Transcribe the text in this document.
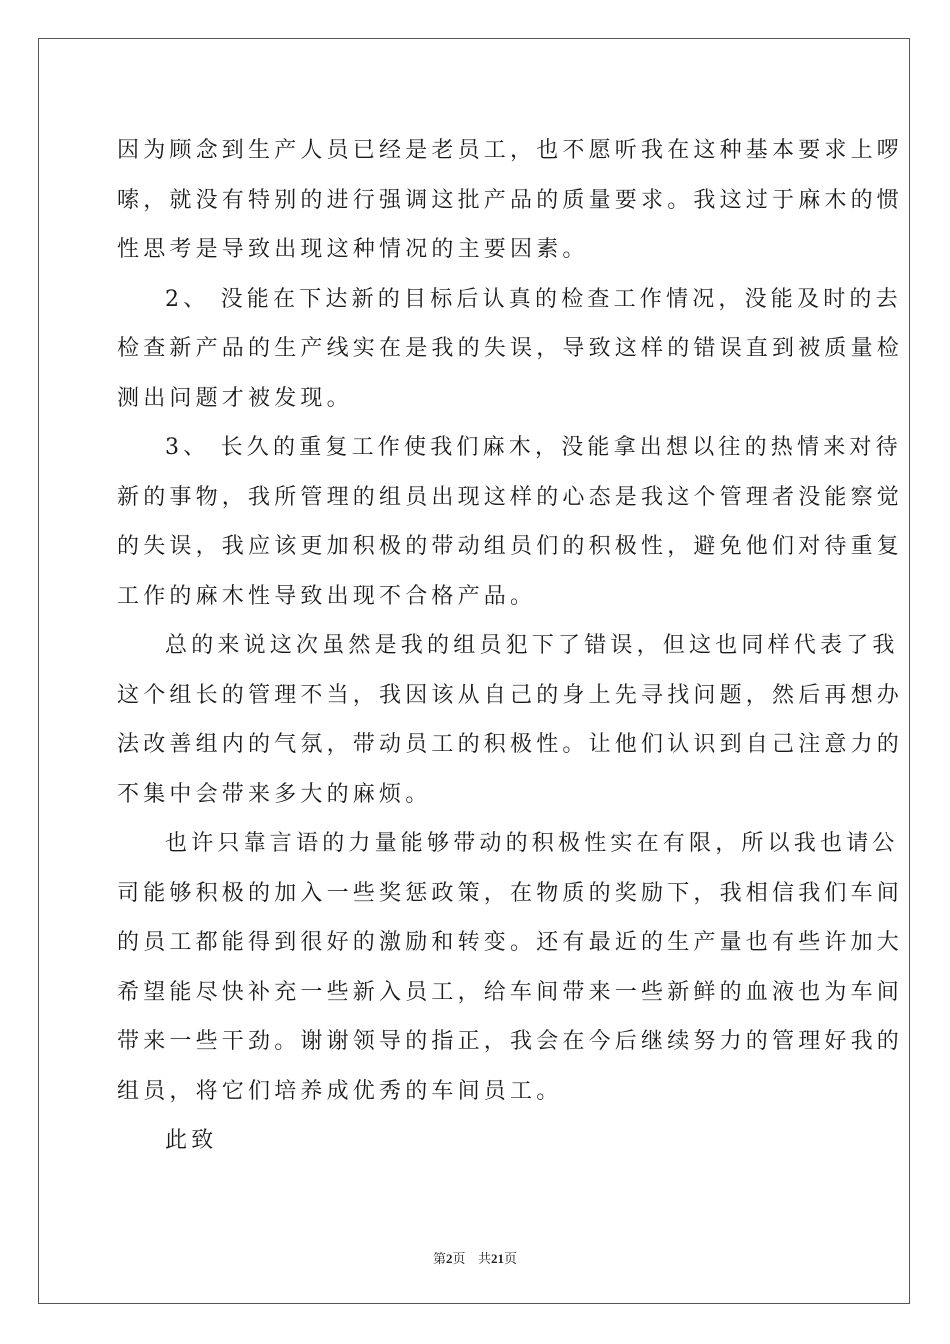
因为顾念到生产人员已经是老员工，也不愿听我在这种基本要求上啰
嗦，就没有特别的进行强调这批产品的质量要求。我这过于麻木的惯
性思考是导致出现这种情况的主要因素。
2、 没能在下达新的目标后认真的检查工作情况，没能及时的去
检查新产品的生产线实在是我的失误，导致这样的错误直到被质量检
测出问题才被发现。
3、 长久的重复工作使我们麻木，没能拿出想以往的热情来对待
新的事物，我所管理的组员出现这样的心态是我这个管理者没能察觉
的失误，我应该更加积极的带动组员们的积极性，避免他们对待重复
工作的麻木性导致出现不合格产品。
总的来说这次虽然是我的组员犯下了错误，但这也同样代表了我
这个组长的管理不当，我因该从自己的身上先寻找问题，然后再想办
法改善组内的气氛，带动员工的积极性。让他们认识到自己注意力的
不集中会带来多大的麻烦。
也许只靠言语的力量能够带动的积极性实在有限，所以我也请公
司能够积极的加入一些奖惩政策，在物质的奖励下，我相信我们车间
的员工都能得到很好的激励和转变。还有最近的生产量也有些许加大
希望能尽快补充一些新入员工，给车间带来一些新鲜的血液也为车间
带来一些干劲。谢谢领导的指正，我会在今后继续努力的管理好我的
组员，将它们培养成优秀的车间员工。
此致
第2页 共21页
